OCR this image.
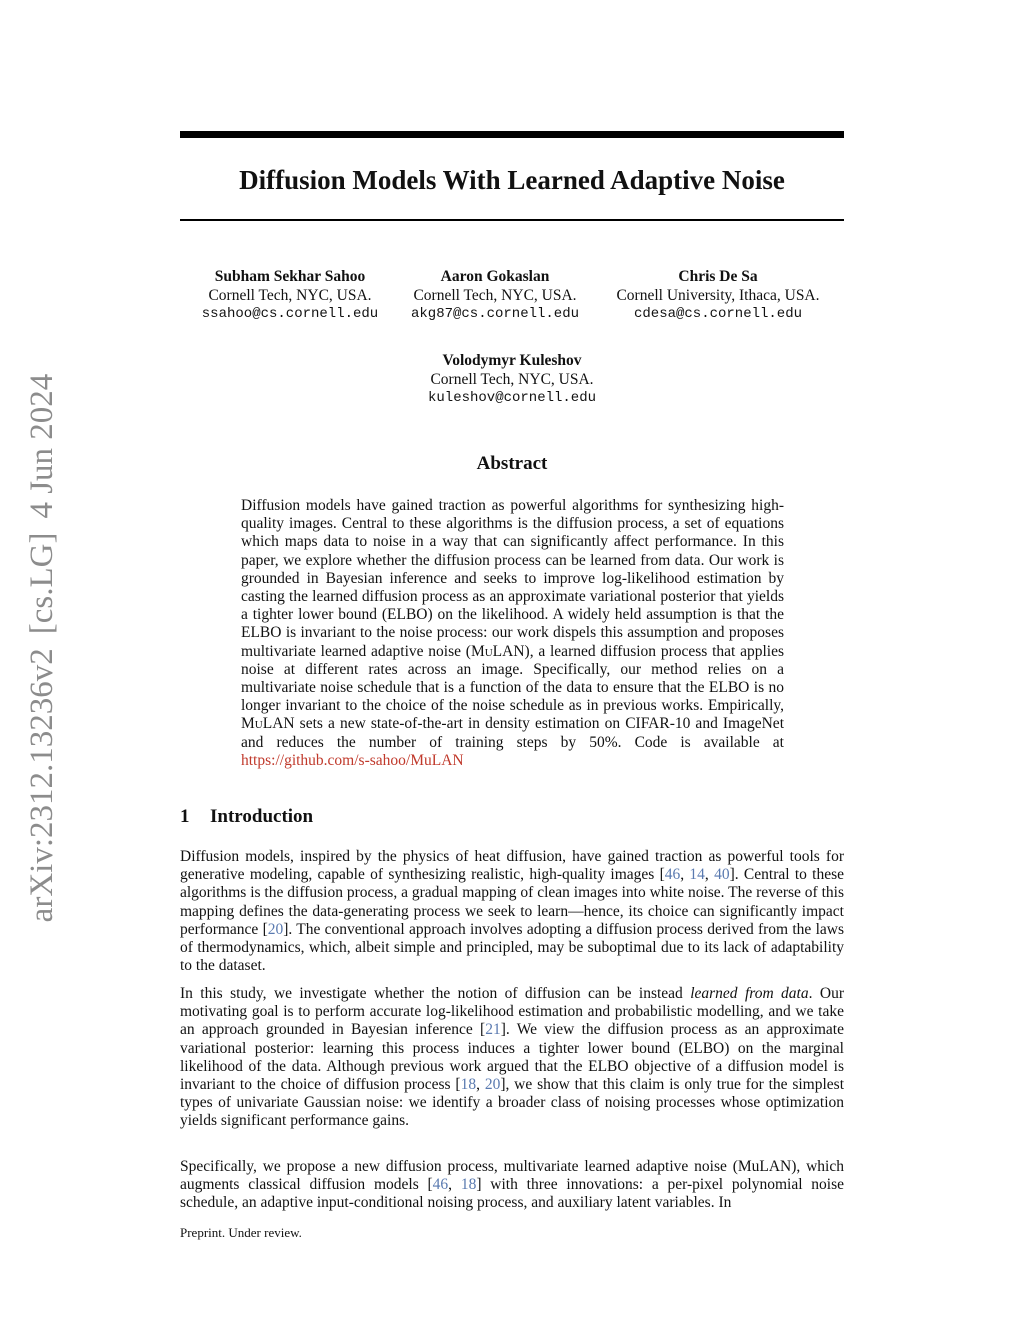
arXiv:2312.13236v2[cs.LG]4 Jun 2024
Diffusion Models With Learned Adaptive Noise
Subham Sekhar Sahoo
Cornell Tech, NYC, USA.
ssahoo@cs.cornell.edu
Aaron Gokaslan
Cornell Tech, NYC, USA.
akg87@cs.cornell.edu
Chris De Sa
Cornell University, Ithaca, USA.
cdesa@cs.cornell.edu
Volodymyr Kuleshov
Cornell Tech, NYC, USA.
kuleshov@cornell.edu
Abstract

Diffusion models have gained traction as powerful algorithms for synthesizing high-quality images. Central to these algorithms is the diffusion process, a set of equations which maps data to noise in a way that can significantly affect performance. In this paper, we explore whether the diffusion process can be learned from data. Our work is grounded in Bayesian inference and seeks to improve log-likelihood estimation by casting the learned diffusion process as an approximate variational posterior that yields a tighter lower bound (ELBO) on the likelihood. A widely held assumption is that the ELBO is invariant to the noise process: our work dispels this assumption and proposes multivariate learned adaptive noise (MuLAN), a learned diffusion process that applies noise at different rates across an image. Specifically, our method relies on a multivariate noise schedule that is a function of the data to ensure that the ELBO is no longer invariant to the choice of the noise schedule as in previous works. Empirically, MuLAN sets a new state-of-the-art in density estimation on CIFAR-10 and ImageNet and reduces the number of training steps by 50%. Code is available at https://github.com/s-sahoo/MuLAN

1 Introduction

Diffusion models, inspired by the physics of heat diffusion, have gained traction as powerful tools for generative modeling, capable of synthesizing realistic, high-quality images [46, 14, 40]. Central to these algorithms is the diffusion process, a gradual mapping of clean images into white noise. The reverse of this mapping defines the data-generating process we seek to learn—hence, its choice can significantly impact performance [20]. The conventional approach involves adopting a diffusion process derived from the laws of thermodynamics, which, albeit simple and principled, may be suboptimal due to its lack of adaptability to the dataset.

In this study, we investigate whether the notion of diffusion can be instead learned from data. Our motivating goal is to perform accurate log-likelihood estimation and probabilistic modelling, and we take an approach grounded in Bayesian inference [21]. We view the diffusion process as an approximate variational posterior: learning this process induces a tighter lower bound (ELBO) on the marginal likelihood of the data. Although previous work argued that the ELBO objective of a diffusion model is invariant to the choice of diffusion process [18, 20], we show that this claim is only true for the simplest types of univariate Gaussian noise: we identify a broader class of noising processes whose optimization yields significant performance gains.

Specifically, we propose a new diffusion process, multivariate learned adaptive noise (MuLAN), which augments classical diffusion models [46, 18] with three innovations: a per-pixel polynomial noise schedule, an adaptive input-conditional noising process, and auxiliary latent variables. In

Preprint. Under review.
